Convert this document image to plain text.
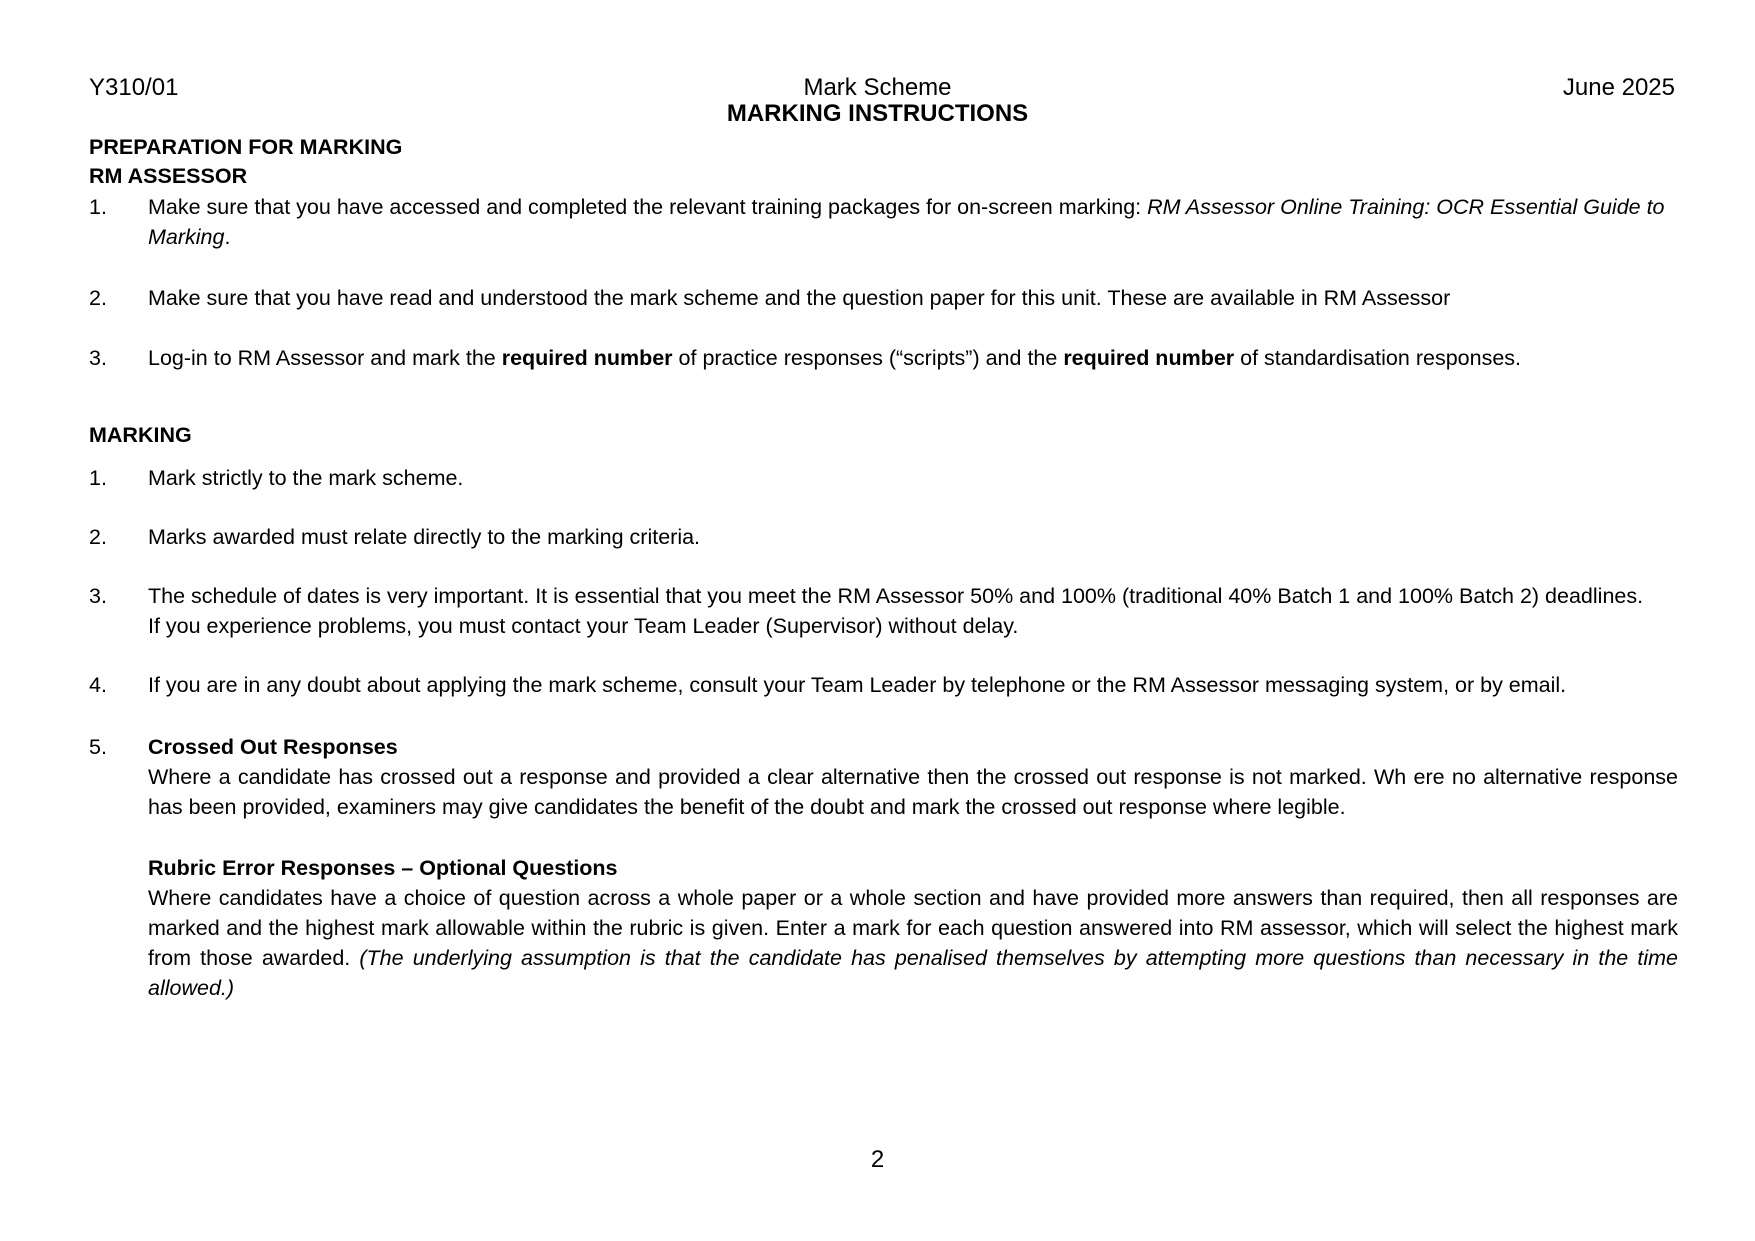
Mark Scheme
Y310/01	June 2025
MARKING INSTRUCTIONS
PREPARATION FOR MARKING
RM ASSESSOR
1.	Make sure that you have accessed and completed the relevant training packages for on-screen marking: RM Assessor Online Training: OCR Essential Guide to Marking.
2.	Make sure that you have read and understood the mark scheme and the question paper for this unit. These are available in RM Assessor
3.	Log-in to RM Assessor and mark the required number of practice responses (“scripts”) and the required number of standardisation responses.
MARKING
1.	Mark strictly to the mark scheme.
2.	Marks awarded must relate directly to the marking criteria.
3.	The schedule of dates is very important. It is essential that you meet the RM Assessor 50% and 100% (traditional 40% Batch 1 and 100% Batch 2) deadlines. If you experience problems, you must contact your Team Leader (Supervisor) without delay.
4.	If you are in any doubt about applying the mark scheme, consult your Team Leader by telephone or the RM Assessor messaging system, or by email.
5.	Crossed Out Responses
Where a candidate has crossed out a response and provided a clear alternative then the crossed out response is not marked. Wh ere no alternative response has been provided, examiners may give candidates the benefit of the doubt and mark the crossed out response where legible.
Rubric Error Responses – Optional Questions
Where candidates have a choice of question across a whole paper or a whole section and have provided more answers than required, then all responses are marked and the highest mark allowable within the rubric is given. Enter a mark for each question answered into RM assessor, which will select the highest mark from those awarded. (The underlying assumption is that the candidate has penalised themselves by attempting more questions than necessary in the time allowed.)
2
